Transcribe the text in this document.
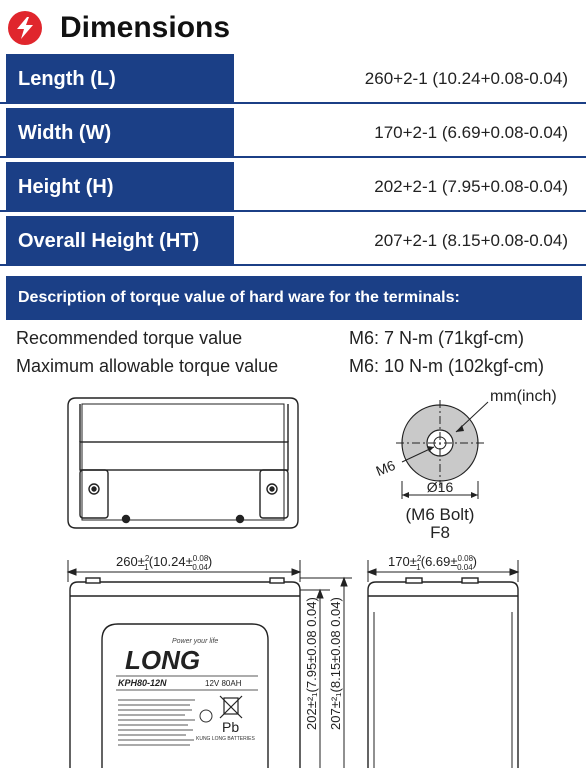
Dimensions
Length (L)	260+2-1 (10.24+0.08-0.04)
Width (W)	170+2-1 (6.69+0.08-0.04)
Height (H)	202+2-1 (7.95+0.08-0.04)
Overall Height (HT)	207+2-1 (8.15+0.08-0.04)
Description of torque value of hard ware for the terminals:
Recommended torque value	M6: 7 N-m (71kgf-cm)
Maximum allowable torque value	M6: 10 N-m (102kgf-cm)
mm(inch)
M6
Ø16
(M6 Bolt)
F8
260±$^2$ 1(10.24±$^{0.08}$ 0.04)	170±$^2$ 1(6.69±$^{0.08}$ 0.04)
LONG
Power your life
KPH80-12N	12V 80AH
Pb
KUNG LONG BATTERIES
202±²₁(7.95±0.08 0.04) 207±²₁(8.15±0.08 0.04)
